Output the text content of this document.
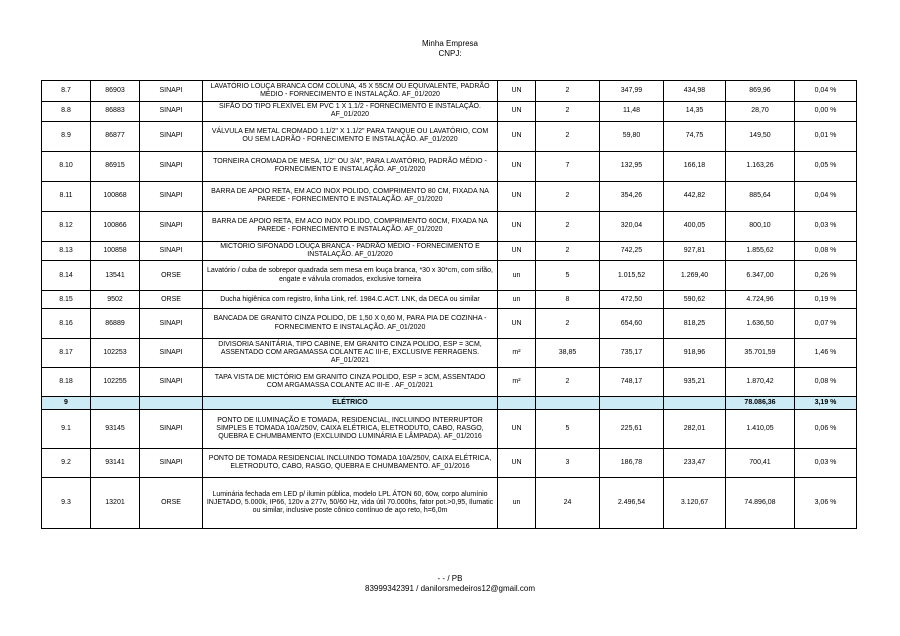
Minha Empresa
CNPJ:
8.7	86903	SINAPI	LAVATÓRIO LOUÇA BRANCA COM COLUNA, 45 X 55CM OU EQUIVALENTE, PADRÃO MÉDIO - FORNECIMENTO E INSTALAÇÃO. AF_01/2020	UN	2	347,99	434,98	869,96	0,04 %
8.8	86883	SINAPI	SIFÃO DO TIPO FLEXÍVEL EM PVC 1 X 1.1/2 - FORNECIMENTO E INSTALAÇÃO. AF_01/2020	UN	2	11,48	14,35	28,70	0,00 %
8.9	86877	SINAPI	VÁLVULA EM METAL CROMADO 1.1/2" X 1.1/2" PARA TANQUE OU LAVATÓRIO, COM OU SEM LADRÃO - FORNECIMENTO E INSTALAÇÃO. AF_01/2020	UN	2	59,80	74,75	149,50	0,01 %
8.10	86915	SINAPI	TORNEIRA CROMADA DE MESA, 1/2" OU 3/4", PARA LAVATÓRIO, PADRÃO MÉDIO - FORNECIMENTO E INSTALAÇÃO. AF_01/2020	UN	7	132,95	166,18	1.163,26	0,05 %
8.11	100868	SINAPI	BARRA DE APOIO RETA, EM ACO INOX POLIDO, COMPRIMENTO 80 CM, FIXADA NA PAREDE - FORNECIMENTO E INSTALAÇÃO. AF_01/2020	UN	2	354,26	442,82	885,64	0,04 %
8.12	100866	SINAPI	BARRA DE APOIO RETA, EM ACO INOX POLIDO, COMPRIMENTO 60CM, FIXADA NA PAREDE - FORNECIMENTO E INSTALAÇÃO. AF_01/2020	UN	2	320,04	400,05	800,10	0,03 %
8.13	100858	SINAPI	MICTÓRIO SIFONADO LOUÇA BRANCA - PADRÃO MÉDIO - FORNECIMENTO E INSTALAÇÃO. AF_01/2020	UN	2	742,25	927,81	1.855,62	0,08 %
8.14	13541	ORSE	Lavatório / cuba de sobrepor quadrada sem mesa em louça branca, *30 x 30*cm, com sifão, engate e válvula cromados, exclusive torneira	un	5	1.015,52	1.269,40	6.347,00	0,26 %
8.15	9502	ORSE	Ducha higiênica com registro, linha Link, ref. 1984.C.ACT. LNK, da DECA ou similar	un	8	472,50	590,62	4.724,96	0,19 %
8.16	86889	SINAPI	BANCADA DE GRANITO CINZA POLIDO, DE 1,50 X 0,60 M, PARA PIA DE COZINHA - FORNECIMENTO E INSTALAÇÃO. AF_01/2020	UN	2	654,60	818,25	1.636,50	0,07 %
8.17	102253	SINAPI	DIVISORIA SANITÁRIA, TIPO CABINE, EM GRANITO CINZA POLIDO, ESP = 3CM, ASSENTADO COM ARGAMASSA COLANTE AC III-E, EXCLUSIVE FERRAGENS. AF_01/2021	m²	38,85	735,17	918,96	35.701,59	1,46 %
8.18	102255	SINAPI	TAPA VISTA DE MICTÓRIO EM GRANITO CINZA POLIDO, ESP = 3CM, ASSENTADO COM ARGAMASSA COLANTE AC III-E . AF_01/2021	m²	2	748,17	935,21	1.870,42	0,08 %
9			ELÉTRICO					78.086,36	3,19 %
9.1	93145	SINAPI	PONTO DE ILUMINAÇÃO E TOMADA, RESIDENCIAL, INCLUINDO INTERRUPTOR SIMPLES E TOMADA 10A/250V, CAIXA ELÉTRICA, ELETRODUTO, CABO, RASGO, QUEBRA E CHUMBAMENTO (EXCLUINDO LUMINÁRIA E LÂMPADA). AF_01/2016	UN	5	225,61	282,01	1.410,05	0,06 %
9.2	93141	SINAPI	PONTO DE TOMADA RESIDENCIAL INCLUINDO TOMADA 10A/250V, CAIXA ELÉTRICA, ELETRODUTO, CABO, RASGO, QUEBRA E CHUMBAMENTO. AF_01/2016	UN	3	186,78	233,47	700,41	0,03 %
9.3	13201	ORSE	Luminária fechada em LED p/ ilumin pública, modelo LPL ÁTON 60, 60w, corpo alumínio INJETADO, 5.000k, IP66, 120v a 277v, 50/60 Hz, vida útil 70.000hs, fator pot.>0,95, Ilumatic ou similar, inclusive poste cônico contínuo de aço reto, h=6,0m	un	24	2.496,54	3.120,67	74.896,08	3,06 %
- - / PB
83999342391 / danilorsmedeiros12@gmail.com
